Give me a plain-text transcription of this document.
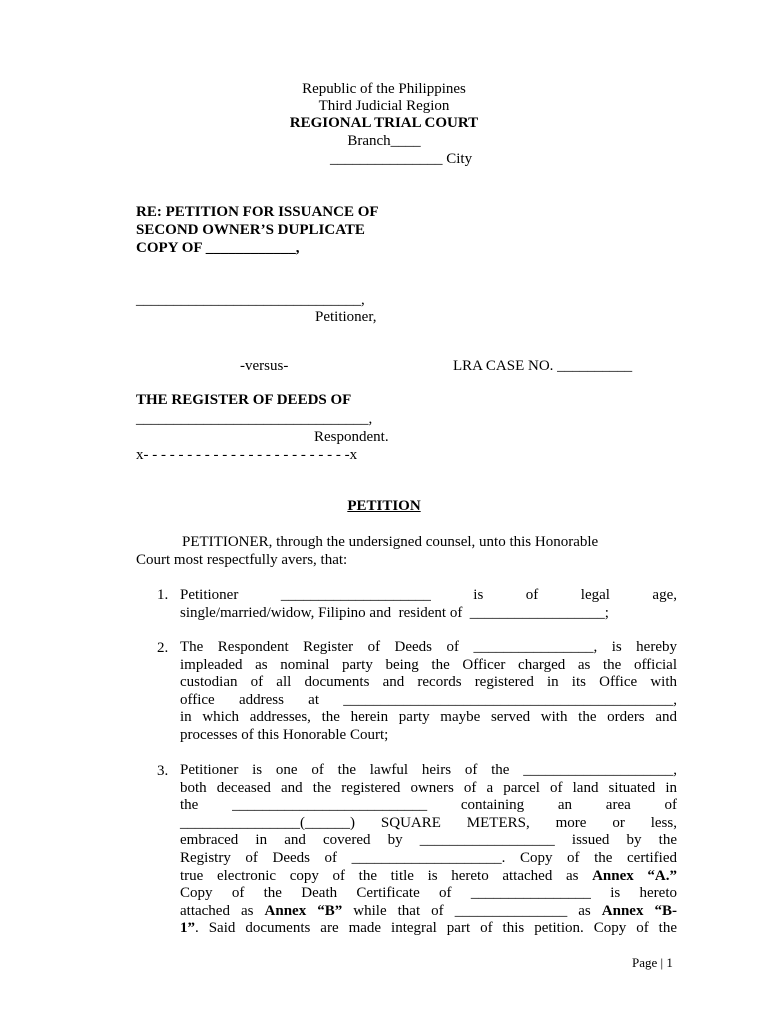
Republic of the Philippines
Third Judicial Region
REGIONAL TRIAL COURT
Branch____
_______________ City
RE: PETITION FOR ISSUANCE OF
SECOND OWNER’S DUPLICATE
COPY OF ____________,
______________________________,
Petitioner,
-versus-	LRA CASE NO. __________
THE REGISTER OF DEEDS OF
_______________________________,
Respondent.
x- - - - - - - - - - - - - - - - - - - - - - - -x
PETITION
PETITIONER, through the undersigned counsel, unto this Honorable
Court most respectfully avers, that:
1. Petitioner	____________________	is	of	legal	age,
single/married/widow, Filipino and  resident of  __________________;
2. The Respondent Register of Deeds of ________________, is hereby
impleaded as nominal party being the Officer charged as the official
custodian of all documents and records registered in its Office with
office address at ____________________________________________,
in which addresses, the herein party maybe served with the orders and
processes of this Honorable Court;
3. Petitioner is one of the lawful heirs of the ____________________,
both deceased and the registered owners of a parcel of land situated in
the __________________________ containing an area of
________________(______) SQUARE METERS, more or less,
embraced in and covered by __________________ issued by the
Registry of Deeds of ____________________. Copy of the certified
true electronic copy of the title is hereto attached as Annex “A.”
Copy of the Death Certificate of ________________ is hereto
attached as Annex “B” while that of _______________ as Annex “B-
1”. Said documents are made integral part of this petition. Copy of the
Page | 1
